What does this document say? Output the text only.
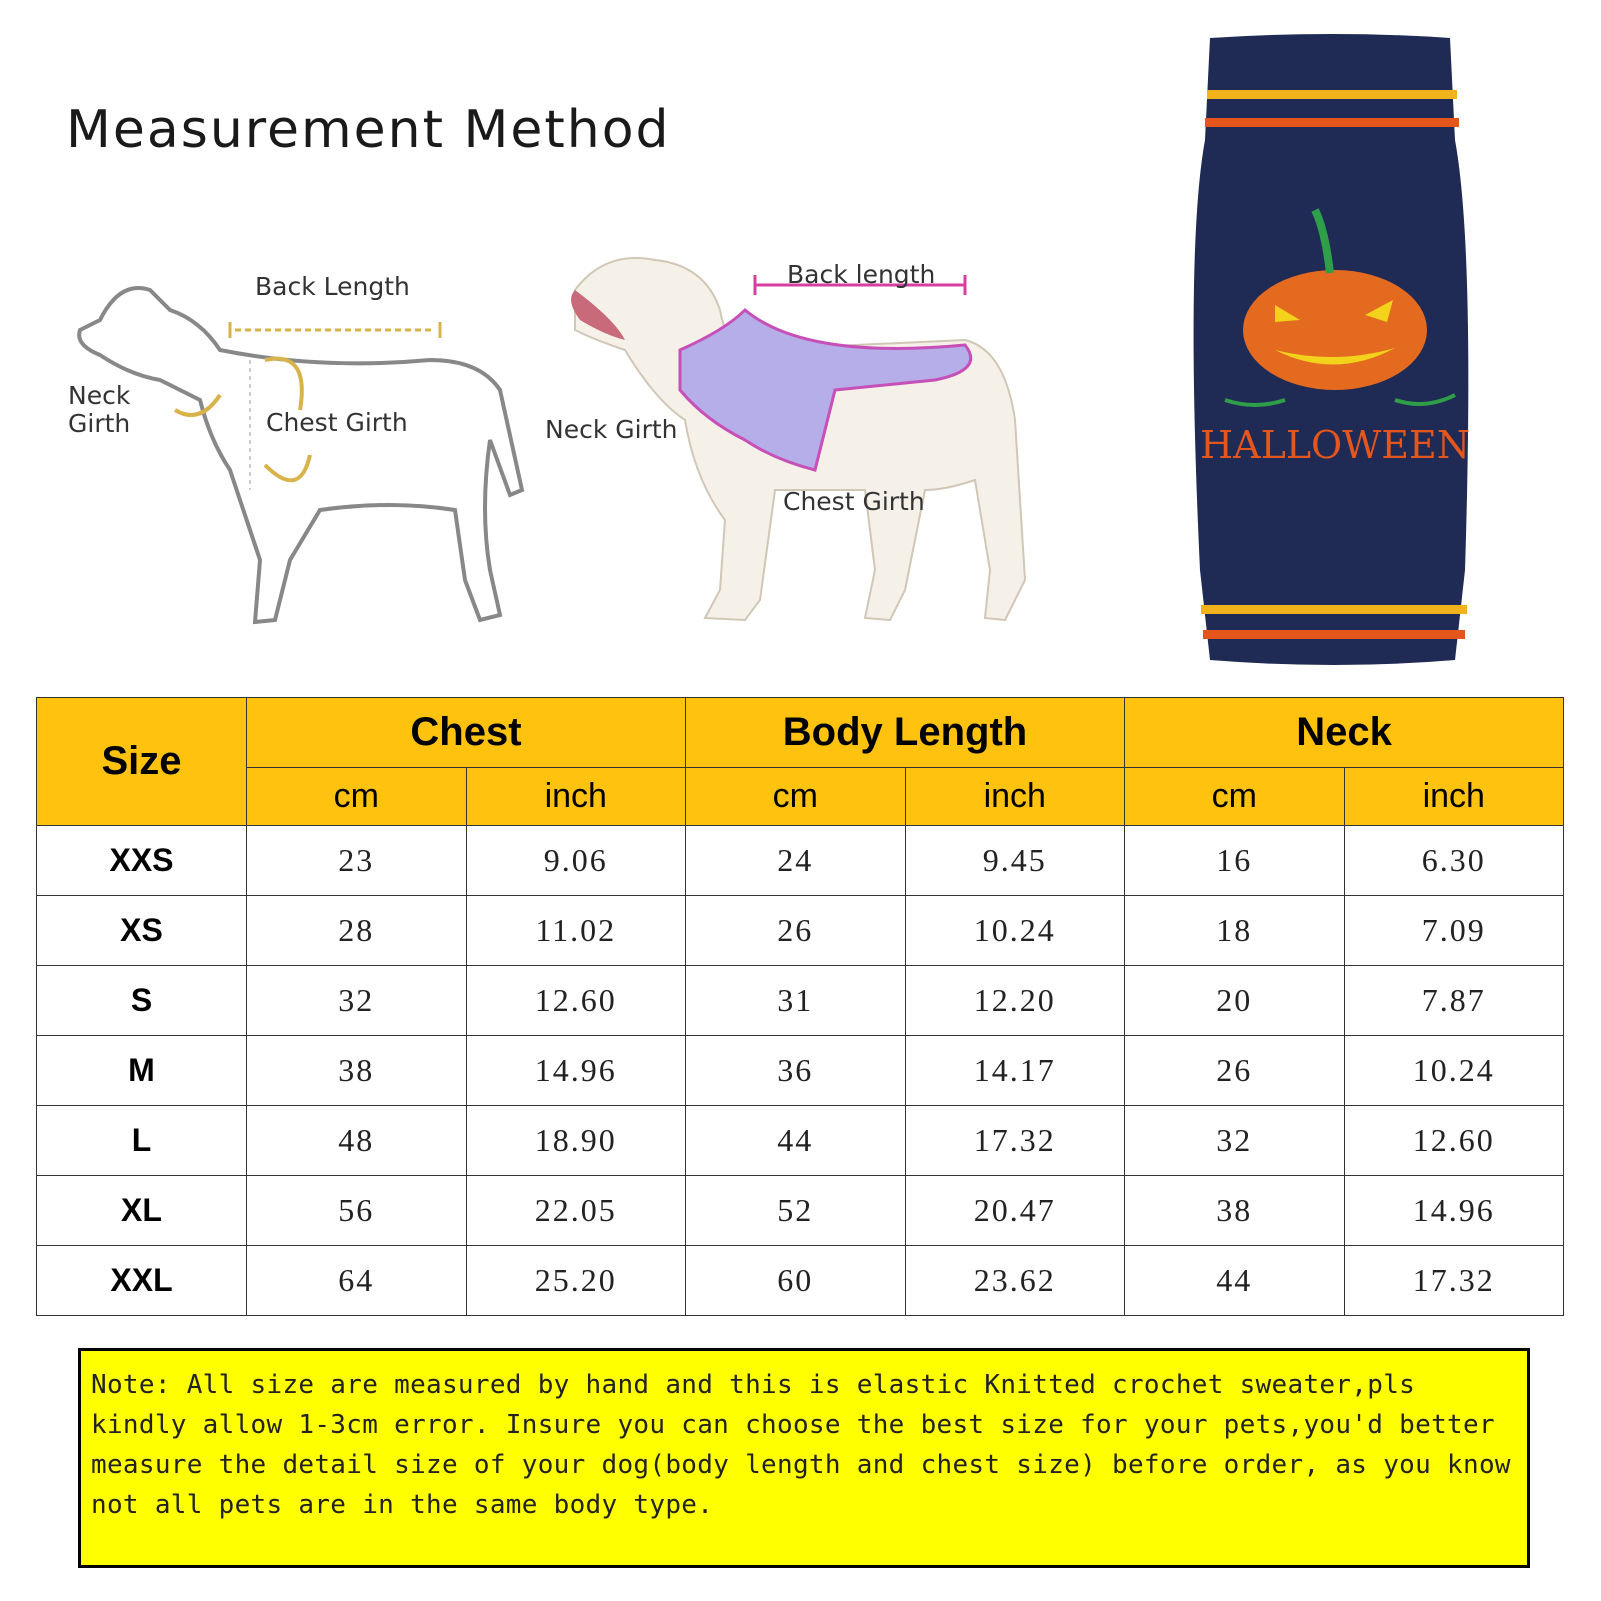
Measurement Method
Back Length
Neck
Girth	Chest Girth
Back length
Neck Girth
Chest Girth
HALLOWEEN
Size	Chest		Body Length		Neck	
	cm	inch	cm	inch	cm	inch
XXS	23	9.06	24	9.45	16	6.30
XS	28	11.02	26	10.24	18	7.09
S	32	12.60	31	12.20	20	7.87
M	38	14.96	36	14.17	26	10.24
L	48	18.90	44	17.32	32	12.60
XL	56	22.05	52	20.47	38	14.96
XXL	64	25.20	60	23.62	44	17.32
Note: All size are measured by hand and this is elastic Knitted crochet sweater,pls
kindly allow 1-3cm error. Insure you can choose the best size for your pets,you'd better
measure the detail size of your dog(body length and chest size) before order, as you know
not all pets are in the same body type.
